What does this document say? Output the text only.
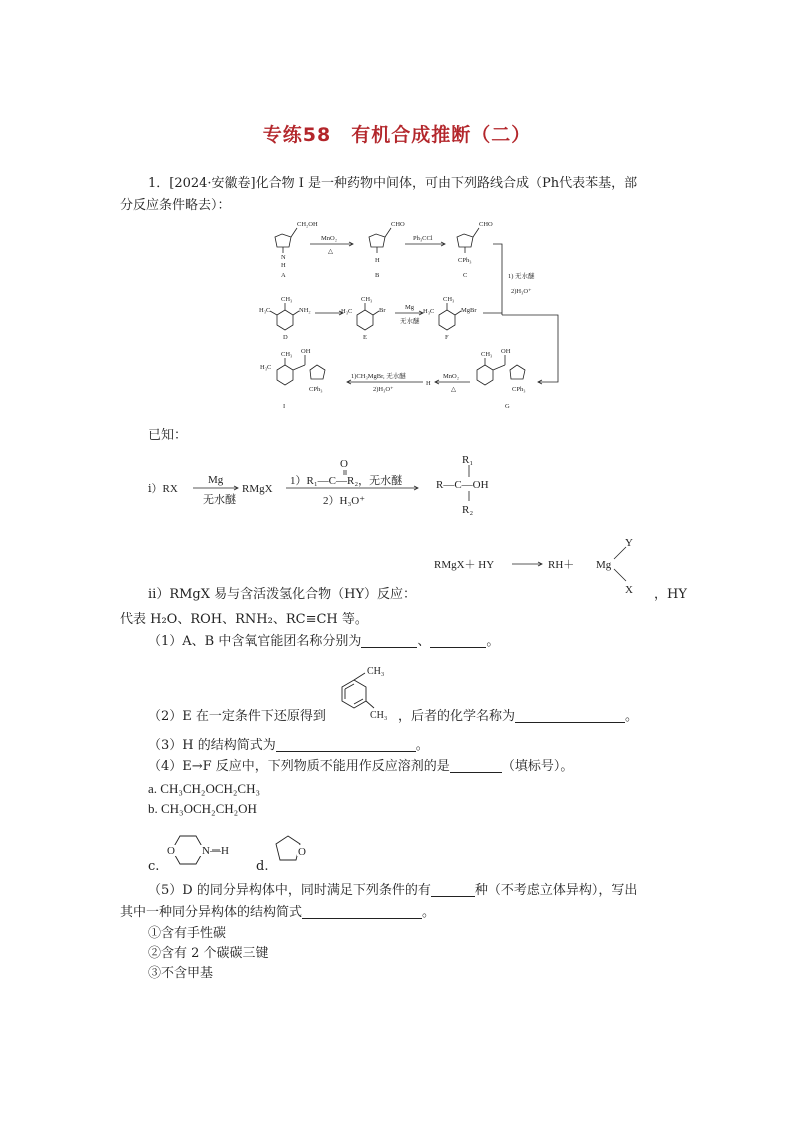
专练58　有机合成推断（二）
1．[2024·安徽卷]化合物 I 是一种药物中间体，可由下列路线合成（Ph代表苯基，部
分反应条件略去）：
CH₂OH
N
H
A
CHO
H
B
CHO
CPh₃
C
MnO₂
△
Ph₃CCl
1) 无水醚
2)H₃O⁺
CH₃
H₃C	NH₂
D
CH₃
H₃C	Br
E
Mg
无水醚
CH₃
H₃C	MgBr
F
OH
CH₃
CPh₃
G
MnO₂
△
H
1)CH₃MgBr, 无水醚
2)H₃O⁺
OH
CH₃
H₃C
CPh₃
I
已知：
ⅰ）RX
Mg
无水醚
RMgX
O
1）R₁—C—R₂，无水醚
2）H₃O⁺
R₁
R—C—OH
R₂
RMgX＋ HY	RH＋ Mg
Y
X
ⅱ）RMgX 易与含活泼氢化合物（HY）反应：	，HY
代表 H₂O、ROH、RNH₂、RC≡CH 等。
（1）A、B 中含氧官能团名称分别为	、	。
（2）E 在一定条件下还原得到
CH₃
CH₃ ，后者的化学名称为	。
（3）H 的结构简式为	。
（4）E→F 反应中，下列物质不能用作反应溶剂的是	（填标号）。
a. CH₃CH₂OCH₂CH₃
b. CH₃OCH₂CH₂OH
c.
O N—H
d.
O
（5）D 的同分异构体中，同时满足下列条件的有	种（不考虑立体异构），写出
其中一种同分异构体的结构简式	。
①含有手性碳
②含有 2 个碳碳三键
③不含甲基
